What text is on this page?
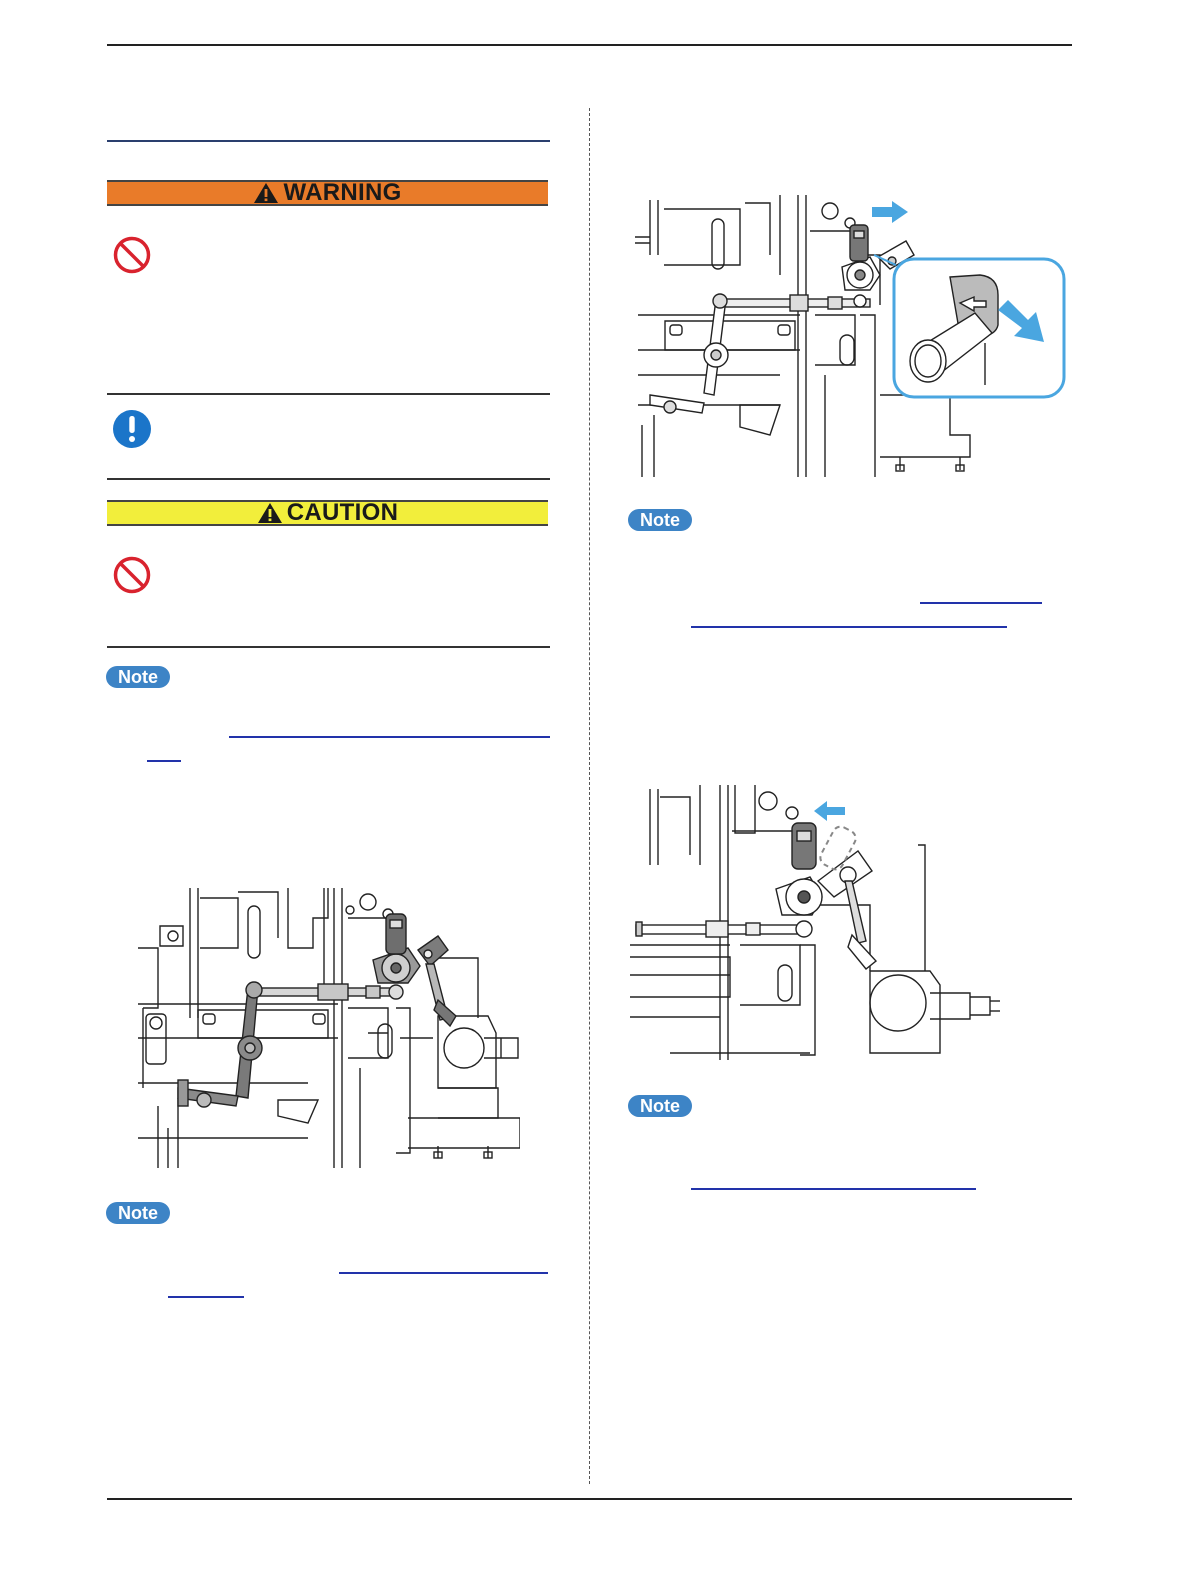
WARNING
CAUTION
Note
Note
Note
Note
